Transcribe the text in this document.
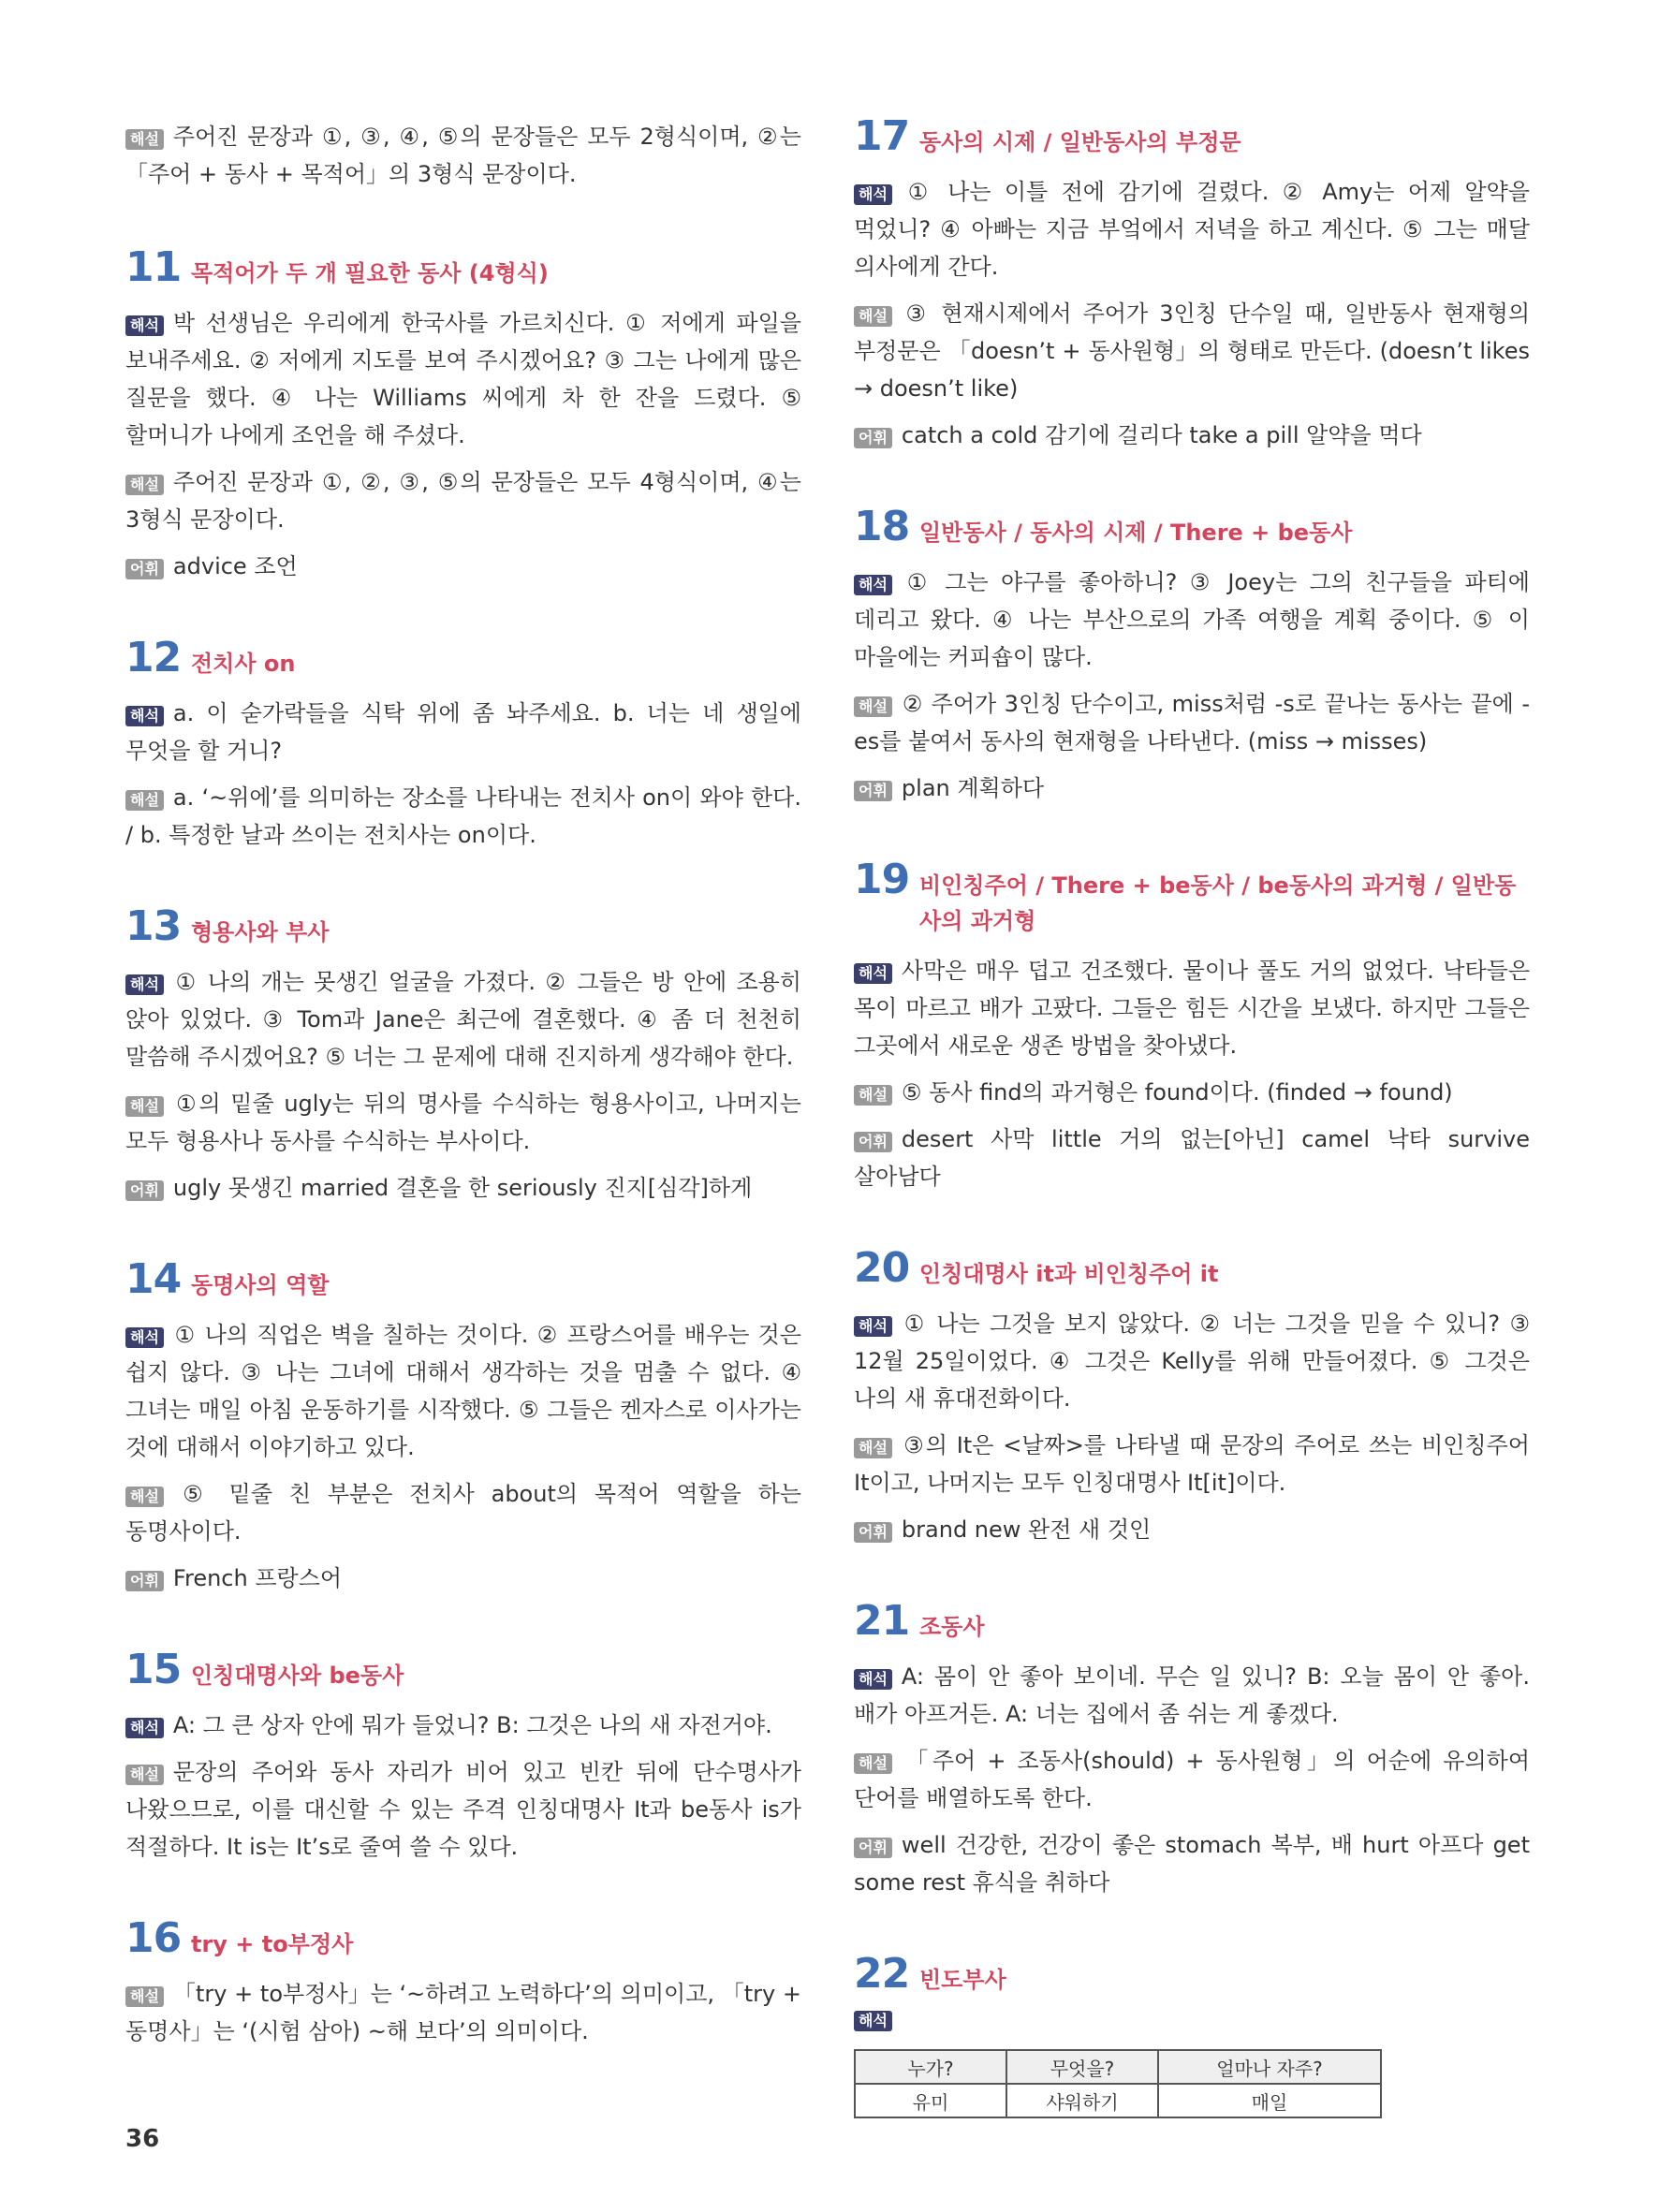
해설 주어진 문장과 ①, ③, ④, ⑤의 문장들은 모두 2형식이며, ②는 「주어 + 동사 + 목적어」의 3형식 문장이다.

11 목적어가 두 개 필요한 동사 (4형식)

해석 박 선생님은 우리에게 한국사를 가르치신다. ① 저에게 파일을 보내주세요. ② 저에게 지도를 보여 주시겠어요? ③ 그는 나에게 많은 질문을 했다. ④ 나는 Williams 씨에게 차 한 잔을 드렸다. ⑤ 할머니가 나에게 조언을 해 주셨다.

해설 주어진 문장과 ①, ②, ③, ⑤의 문장들은 모두 4형식이며, ④는 3형식 문장이다.

어휘 advice 조언

12 전치사 on

해석 a. 이 숟가락들을 식탁 위에 좀 놔주세요. b. 너는 네 생일에 무엇을 할 거니?

해설 a. ‘~위에’를 의미하는 장소를 나타내는 전치사 on이 와야 한다. / b. 특정한 날과 쓰이는 전치사는 on이다.

13 형용사와 부사

해석 ① 나의 개는 못생긴 얼굴을 가졌다. ② 그들은 방 안에 조용히 앉아 있었다. ③ Tom과 Jane은 최근에 결혼했다. ④ 좀 더 천천히 말씀해 주시겠어요? ⑤ 너는 그 문제에 대해 진지하게 생각해야 한다.

해설 ①의 밑줄 ugly는 뒤의 명사를 수식하는 형용사이고, 나머지는 모두 형용사나 동사를 수식하는 부사이다.

어휘 ugly 못생긴 married 결혼을 한 seriously 진지[심각]하게

14 동명사의 역할

해석 ① 나의 직업은 벽을 칠하는 것이다. ② 프랑스어를 배우는 것은 쉽지 않다. ③ 나는 그녀에 대해서 생각하는 것을 멈출 수 없다. ④ 그녀는 매일 아침 운동하기를 시작했다. ⑤ 그들은 켄자스로 이사가는 것에 대해서 이야기하고 있다.

해설 ⑤ 밑줄 친 부분은 전치사 about의 목적어 역할을 하는 동명사이다.

어휘 French 프랑스어

15 인칭대명사와 be동사

해석 A: 그 큰 상자 안에 뭐가 들었니? B: 그것은 나의 새 자전거야.

해설 문장의 주어와 동사 자리가 비어 있고 빈칸 뒤에 단수명사가 나왔으므로, 이를 대신할 수 있는 주격 인칭대명사 It과 be동사 is가 적절하다. It is는 It’s로 줄여 쓸 수 있다.

16 try + to부정사

해설 「try + to부정사」는 ‘~하려고 노력하다’의 의미이고, 「try + 동명사」는 ‘(시험 삼아) ~해 보다’의 의미이다.

17 동사의 시제 / 일반동사의 부정문

해석 ① 나는 이틀 전에 감기에 걸렸다. ② Amy는 어제 알약을 먹었니? ④ 아빠는 지금 부엌에서 저녁을 하고 계신다. ⑤ 그는 매달 의사에게 간다.

해설 ③ 현재시제에서 주어가 3인칭 단수일 때, 일반동사 현재형의 부정문은 「doesn’t + 동사원형」의 형태로 만든다. (doesn’t likes → doesn’t like)

어휘 catch a cold 감기에 걸리다 take a pill 알약을 먹다

18 일반동사 / 동사의 시제 / There + be동사

해석 ① 그는 야구를 좋아하니? ③ Joey는 그의 친구들을 파티에 데리고 왔다. ④ 나는 부산으로의 가족 여행을 계획 중이다. ⑤ 이 마을에는 커피숍이 많다.

해설 ② 주어가 3인칭 단수이고, miss처럼 -s로 끝나는 동사는 끝에 -es를 붙여서 동사의 현재형을 나타낸다. (miss → misses)

어휘 plan 계획하다

19 비인칭주어 / There + be동사 / be동사의 과거형 / 일반동사의 과거형

해석 사막은 매우 덥고 건조했다. 물이나 풀도 거의 없었다. 낙타들은 목이 마르고 배가 고팠다. 그들은 힘든 시간을 보냈다. 하지만 그들은 그곳에서 새로운 생존 방법을 찾아냈다.

해설 ⑤ 동사 find의 과거형은 found이다. (finded → found)

어휘 desert 사막 little 거의 없는[아닌] camel 낙타 survive 살아남다

20 인칭대명사 it과 비인칭주어 it

해석 ① 나는 그것을 보지 않았다. ② 너는 그것을 믿을 수 있니? ③ 12월 25일이었다. ④ 그것은 Kelly를 위해 만들어졌다. ⑤ 그것은 나의 새 휴대전화이다.

해설 ③의 It은 <날짜>를 나타낼 때 문장의 주어로 쓰는 비인칭주어 It이고, 나머지는 모두 인칭대명사 It[it]이다.

어휘 brand new 완전 새 것인

21 조동사

해석 A: 몸이 안 좋아 보이네. 무슨 일 있니? B: 오늘 몸이 안 좋아. 배가 아프거든. A: 너는 집에서 좀 쉬는 게 좋겠다.

해설 「주어 + 조동사(should) + 동사원형」의 어순에 유의하여 단어를 배열하도록 한다.

어휘 well 건강한, 건강이 좋은 stomach 복부, 배 hurt 아프다 get some rest 휴식을 취하다

22 빈도부사
해석
누가?	무엇을?	얼마나 자주?
유미	샤워하기	매일
36
